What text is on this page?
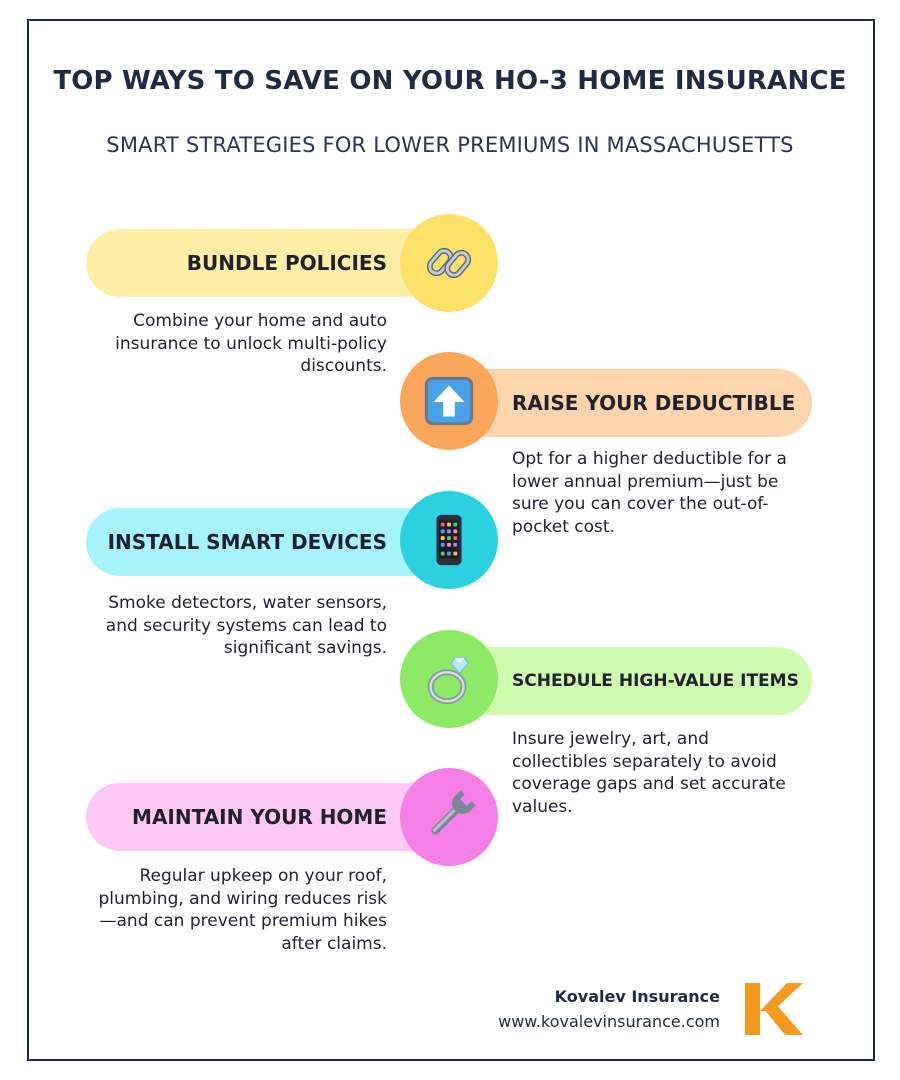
TOP WAYS TO SAVE ON YOUR HO-3 HOME INSURANCE
SMART STRATEGIES FOR LOWER PREMIUMS IN MASSACHUSETTS
BUNDLE POLICIES
Combine your home and auto insurance to unlock multi-policy discounts.
RAISE YOUR DEDUCTIBLE
Opt for a higher deductible for a lower annual premium—just be sure you can cover the out-of-pocket cost.
INSTALL SMART DEVICES
Smoke detectors, water sensors, and security systems can lead to significant savings.
SCHEDULE HIGH-VALUE ITEMS
Insure jewelry, art, and collectibles separately to avoid coverage gaps and set accurate values.
MAINTAIN YOUR HOME
Regular upkeep on your roof, plumbing, and wiring reduces risk—and can prevent premium hikes after claims.
Kovalev Insurance
www.kovalevinsurance.com
